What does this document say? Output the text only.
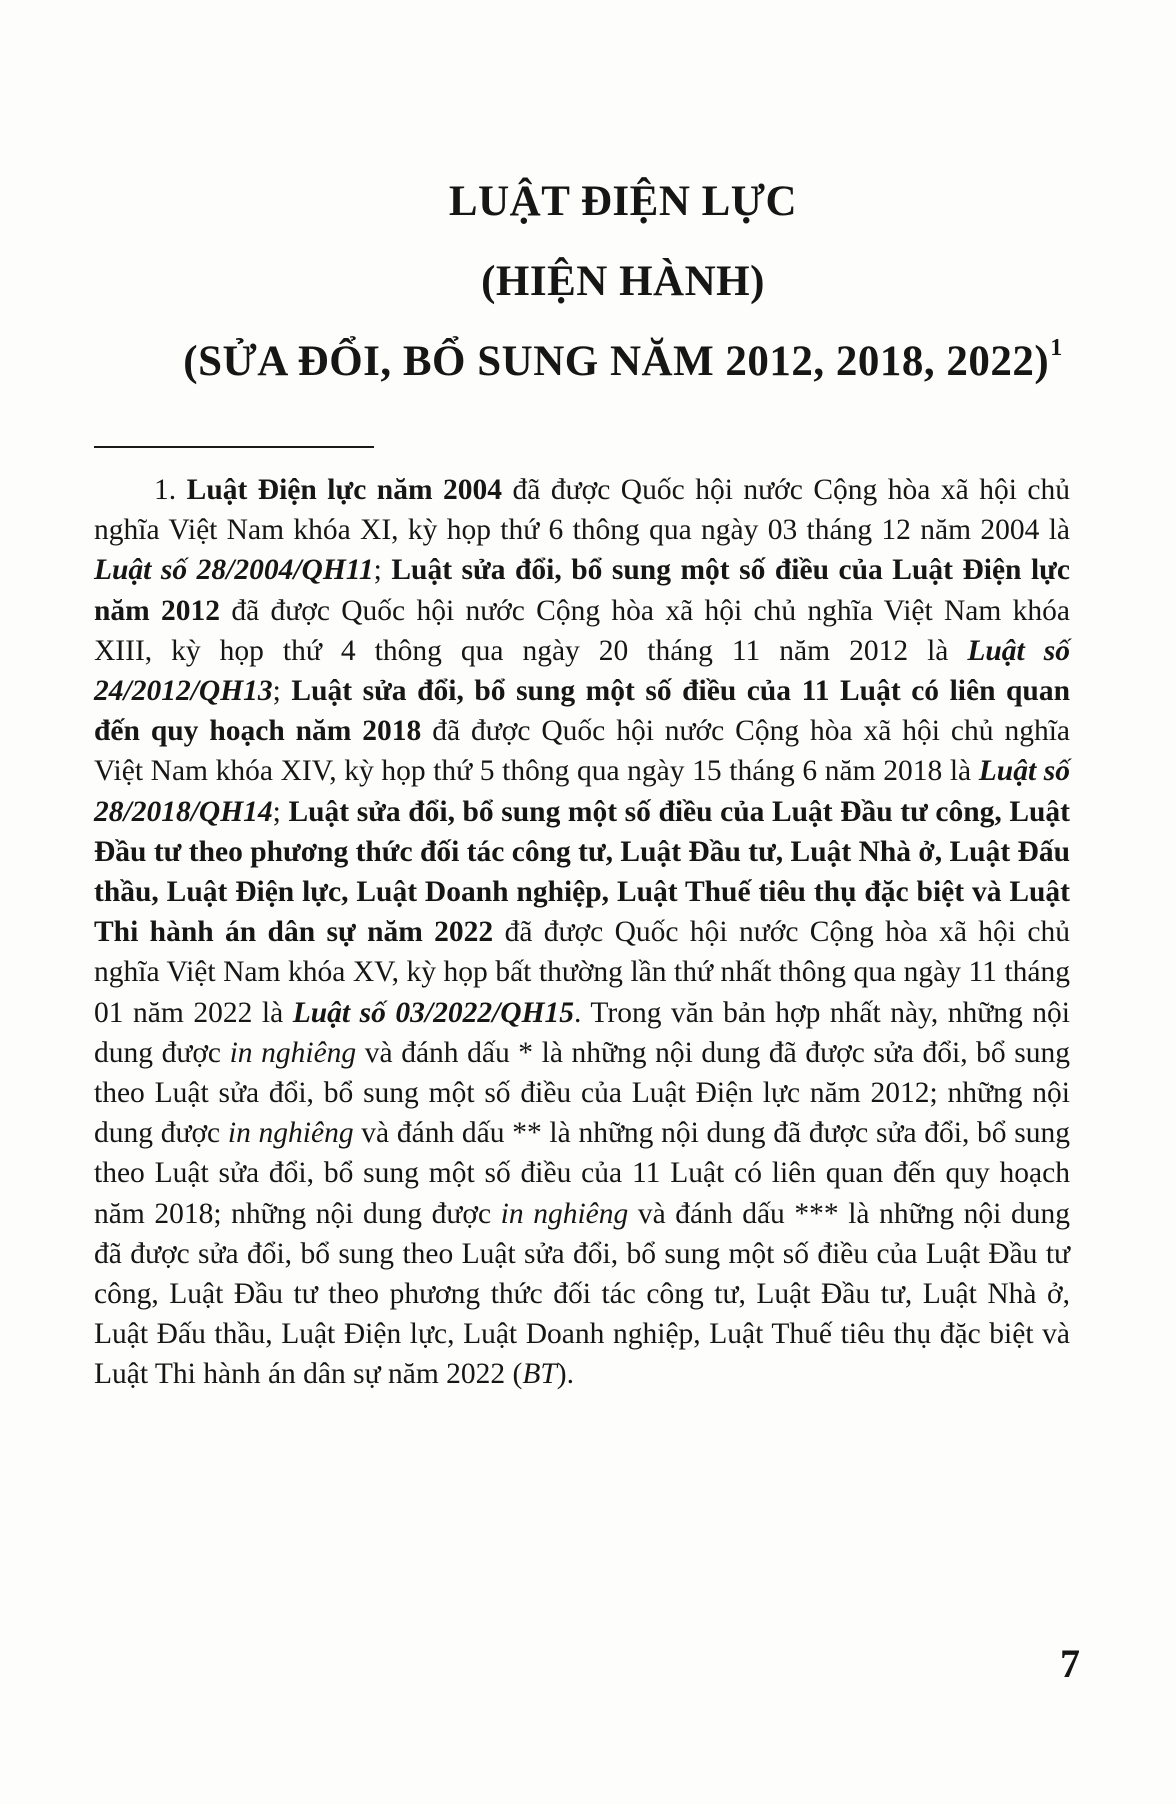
LUẬT ĐIỆN LỰC
(HIỆN HÀNH)
(SỬA ĐỔI, BỔ SUNG NĂM 2012, 2018, 2022)$^1$

1. Luật Điện lực năm 2004 đã được Quốc hội nước Cộng hòa xã hội chủ nghĩa Việt Nam khóa XI, kỳ họp thứ 6 thông qua ngày 03 tháng 12 năm 2004 là Luật số 28/2004/QH11; Luật sửa đổi, bổ sung một số điều của Luật Điện lực năm 2012 đã được Quốc hội nước Cộng hòa xã hội chủ nghĩa Việt Nam khóa XIII, kỳ họp thứ 4 thông qua ngày 20 tháng 11 năm 2012 là Luật số 24/2012/QH13; Luật sửa đổi, bổ sung một số điều của 11 Luật có liên quan đến quy hoạch năm 2018 đã được Quốc hội nước Cộng hòa xã hội chủ nghĩa Việt Nam khóa XIV, kỳ họp thứ 5 thông qua ngày 15 tháng 6 năm 2018 là Luật số 28/2018/QH14; Luật sửa đổi, bổ sung một số điều của Luật Đầu tư công, Luật Đầu tư theo phương thức đối tác công tư, Luật Đầu tư, Luật Nhà ở, Luật Đấu thầu, Luật Điện lực, Luật Doanh nghiệp, Luật Thuế tiêu thụ đặc biệt và Luật Thi hành án dân sự năm 2022 đã được Quốc hội nước Cộng hòa xã hội chủ nghĩa Việt Nam khóa XV, kỳ họp bất thường lần thứ nhất thông qua ngày 11 tháng 01 năm 2022 là Luật số 03/2022/QH15. Trong văn bản hợp nhất này, những nội dung được in nghiêng và đánh dấu * là những nội dung đã được sửa đổi, bổ sung theo Luật sửa đổi, bổ sung một số điều của Luật Điện lực năm 2012; những nội dung được in nghiêng và đánh dấu ** là những nội dung đã được sửa đổi, bổ sung theo Luật sửa đổi, bổ sung một số điều của 11 Luật có liên quan đến quy hoạch năm 2018; những nội dung được in nghiêng và đánh dấu *** là những nội dung đã được sửa đổi, bổ sung theo Luật sửa đổi, bổ sung một số điều của Luật Đầu tư công, Luật Đầu tư theo phương thức đối tác công tư, Luật Đầu tư, Luật Nhà ở, Luật Đấu thầu, Luật Điện lực, Luật Doanh nghiệp, Luật Thuế tiêu thụ đặc biệt và Luật Thi hành án dân sự năm 2022 (BT).

7
